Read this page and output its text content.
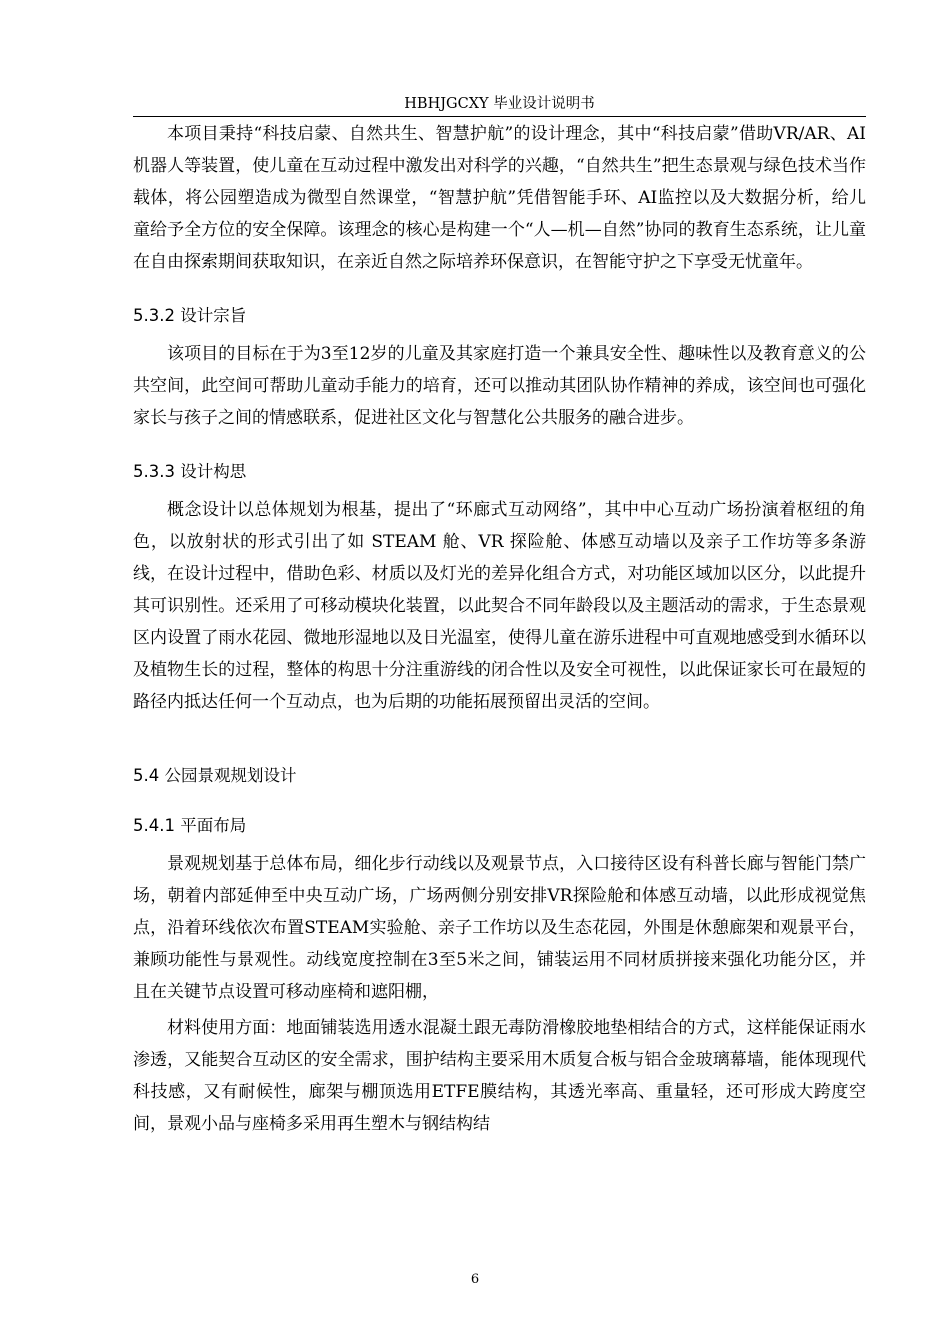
HBHJGCXY 毕业设计说明书

本项目秉持“科技启蒙、自然共生、智慧护航”的设计理念，其中“科技启蒙”借助VR/AR、AI机器人等装置，使儿童在互动过程中激发出对科学的兴趣，“自然共生”把生态景观与绿色技术当作载体，将公园塑造成为微型自然课堂，“智慧护航”凭借智能手环、AI监控以及大数据分析，给儿童给予全方位的安全保障。该理念的核心是构建一个“人—机—自然”协同的教育生态系统，让儿童在自由探索期间获取知识，在亲近自然之际培养环保意识，在智能守护之下享受无忧童年。

5.3.2 设计宗旨

该项目的目标在于为3至12岁的儿童及其家庭打造一个兼具安全性、趣味性以及教育意义的公共空间，此空间可帮助儿童动手能力的培育，还可以推动其团队协作精神的养成，该空间也可强化家长与孩子之间的情感联系，促进社区文化与智慧化公共服务的融合进步。

5.3.3 设计构思

概念设计以总体规划为根基，提出了“环廊式互动网络”，其中中心互动广场扮演着枢纽的角色，以放射状的形式引出了如 STEAM 舱、VR 探险舱、体感互动墙以及亲子工作坊等多条游线，在设计过程中，借助色彩、材质以及灯光的差异化组合方式，对功能区域加以区分，以此提升其可识别性。还采用了可移动模块化装置，以此契合不同年龄段以及主题活动的需求，于生态景观区内设置了雨水花园、微地形湿地以及日光温室，使得儿童在游乐进程中可直观地感受到水循环以及植物生长的过程，整体的构思十分注重游线的闭合性以及安全可视性，以此保证家长可在最短的路径内抵达任何一个互动点，也为后期的功能拓展预留出灵活的空间。

5.4 公园景观规划设计
5.4.1 平面布局

景观规划基于总体布局，细化步行动线以及观景节点，入口接待区设有科普长廊与智能门禁广场，朝着内部延伸至中央互动广场，广场两侧分别安排VR探险舱和体感互动墙，以此形成视觉焦点，沿着环线依次布置STEAM实验舱、亲子工作坊以及生态花园，外围是休憩廊架和观景平台，兼顾功能性与景观性。动线宽度控制在3至5米之间，铺装运用不同材质拼接来强化功能分区，并且在关键节点设置可移动座椅和遮阳棚，

材料使用方面：地面铺装选用透水混凝土跟无毒防滑橡胶地垫相结合的方式，这样能保证雨水渗透，又能契合互动区的安全需求，围护结构主要采用木质复合板与铝合金玻璃幕墙，能体现现代科技感，又有耐候性，廊架与棚顶选用ETFE膜结构，其透光率高、重量轻，还可形成大跨度空间，景观小品与座椅多采用再生塑木与钢结构结

6
